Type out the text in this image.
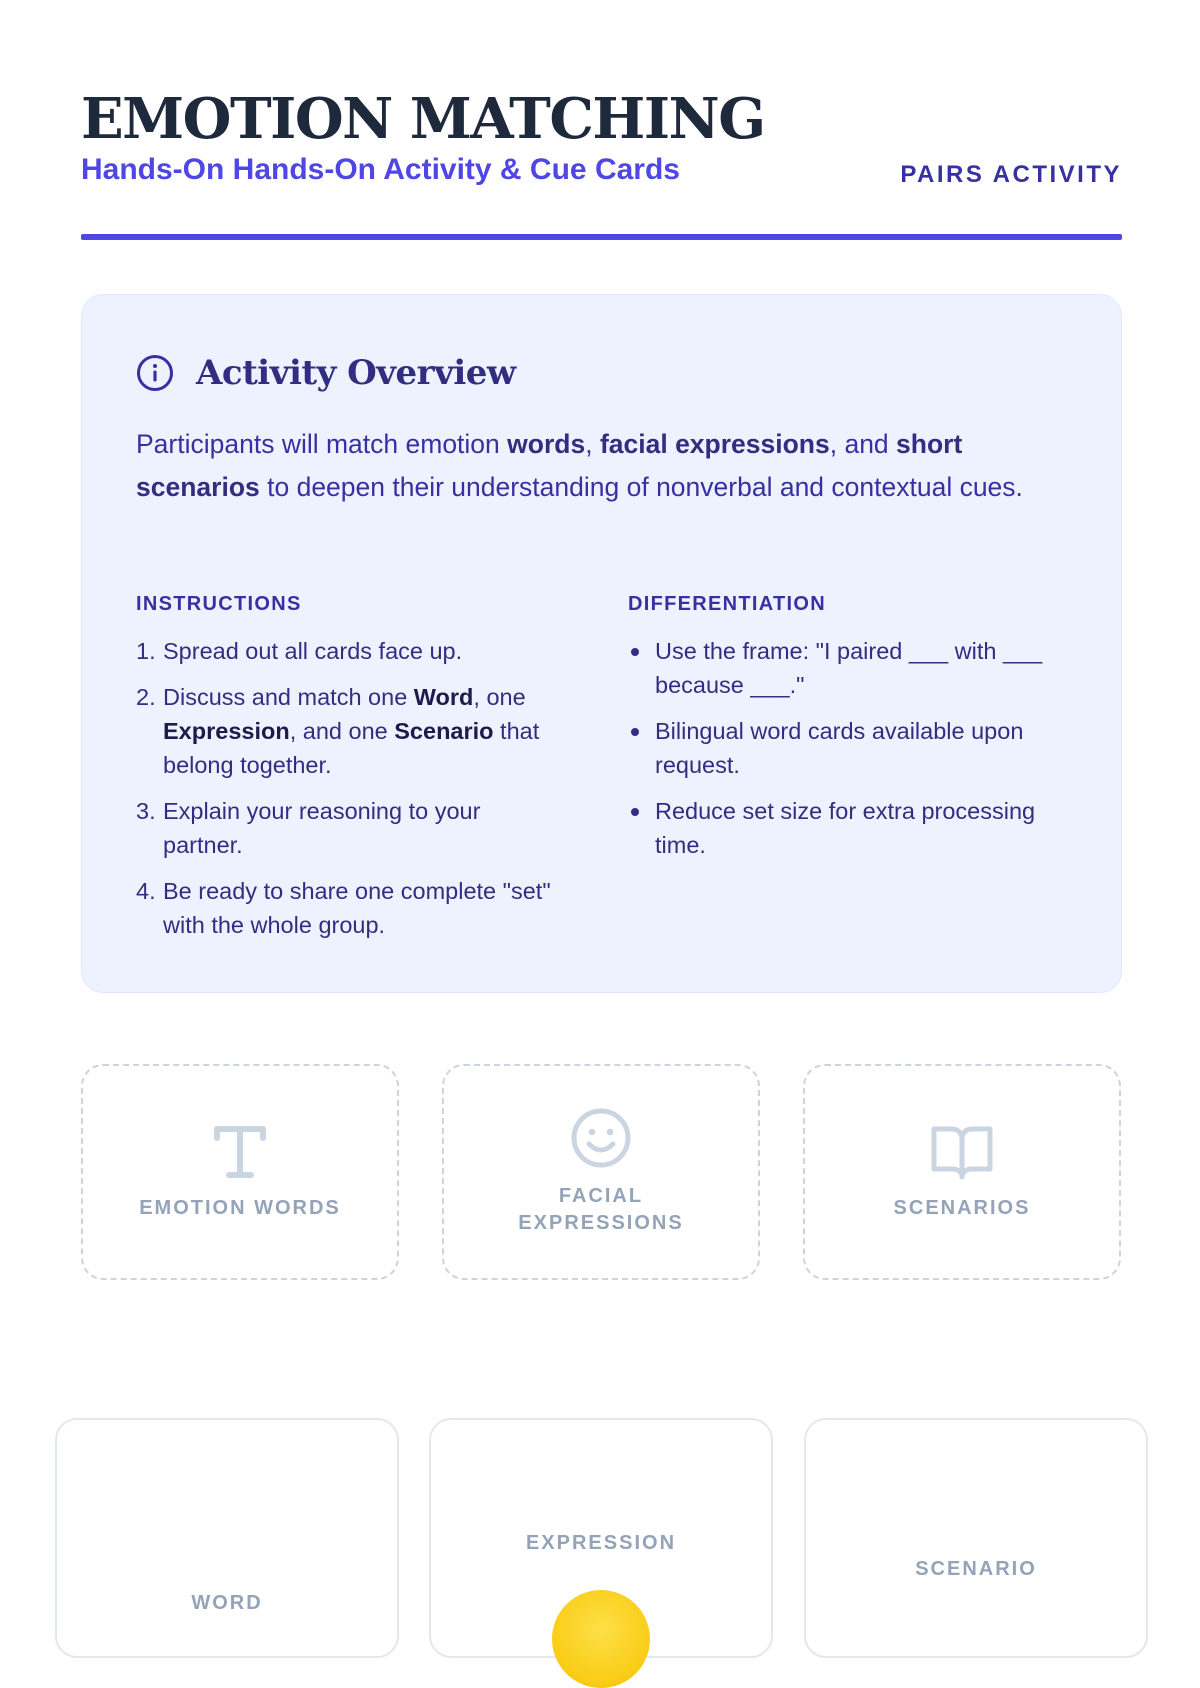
EMOTION MATCHING
Hands-On Hands-On Activity & Cue Cards	PAIRS ACTIVITY
Activity Overview

Participants will match emotion words, facial expressions, and short scenarios to deepen their understanding of nonverbal and contextual cues.

INSTRUCTIONS
1. Spread out all cards face up.
2. Discuss and match one Word, one Expression, and one Scenario that belong together.
3. Explain your reasoning to your partner.
4. Be ready to share one complete "set" with the whole group.
DIFFERENTIATION
Use the frame: "I paired ___ with ___ because ___."
Bilingual word cards available upon request.
Reduce set size for extra processing time.
EMOTION WORDS
FACIAL
EXPRESSIONS
SCENARIOS
WORD
EXPRESSION
SCENARIO
